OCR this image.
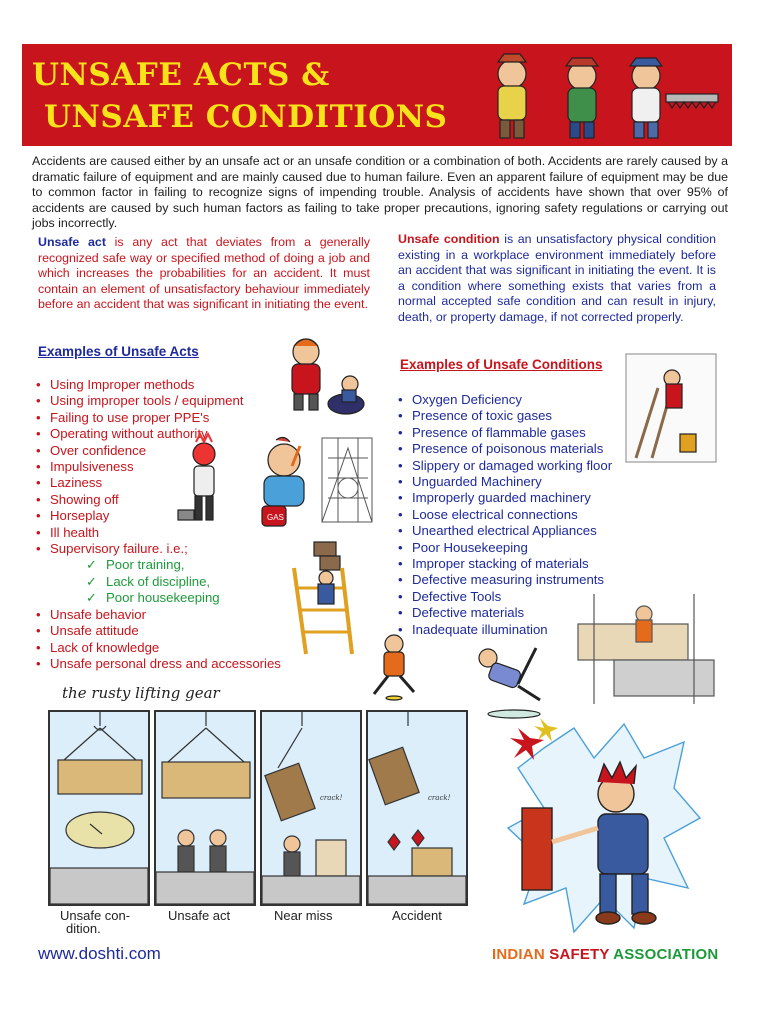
UNSAFE ACTS &
UNSAFE CONDITIONS

Accidents are caused either by an unsafe act or an unsafe condition or a combination of both. Accidents are rarely caused by a dramatic failure of equipment and are mainly caused due to human failure. Even an apparent failure of equipment may be due to common factor in failing to recognize signs of impending trouble. Analysis of accidents have shown that over 95% of accidents are caused by such human factors as failing to take proper precautions, ignoring safety regulations or carrying out jobs incorrectly.

Unsafe act is any act that deviates from a generally recognized safe way or specified method of doing a job and which increases the probabilities for an accident. It must contain an element of unsatisfactory behaviour immediately before an accident that was significant in initiating the event.

Unsafe condition is an unsatisfactory physical condition existing in a workplace environment immediately before an accident that was significant in initiating the event. It is a condition where something exists that varies from a normal accepted safe condition and can result in injury, death, or property damage, if not corrected properly.

Examples of Unsafe Acts
Examples of Unsafe Conditions
• Using Improper methods
• Using improper tools / equipment
• Failing to use proper PPE's
• Operating without authority
• Over confidence
• Impulsiveness
• Laziness
• Showing off
• Horseplay
• Ill health
• Supervisory failure. i.e.;
✓ Poor training,
✓ Lack of discipline,
✓ Poor housekeeping
• Unsafe behavior
• Unsafe attitude
• Lack of knowledge
• Unsafe personal dress and accessories
• Oxygen Deficiency
• Presence of toxic gases
• Presence of flammable gases
• Presence of poisonous materials
• Slippery or damaged working floor
• Unguarded Machinery
• Improperly guarded machinery
• Loose electrical connections
• Unearthed electrical Appliances
• Poor Housekeeping
• Improper stacking of materials
• Defective measuring instruments
• Defective Tools
• Defective materials
• Inadequate illumination
GAS
the rusty lifting gear
crack!	crack!
Unsafe con-
dition.
Unsafe act	Near miss	Accident
www.doshti.com	INDIAN SAFETY ASSOCIATION
